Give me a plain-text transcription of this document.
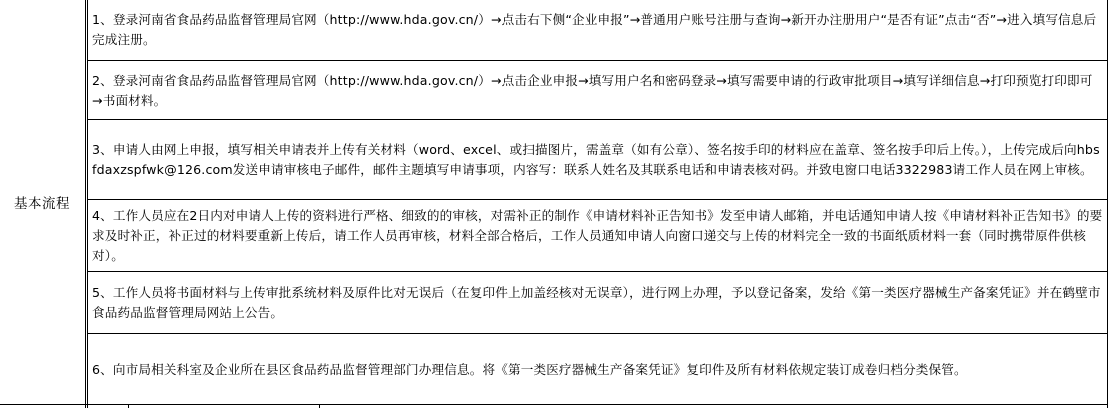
基本流程
1、登录河南省食品药品监督管理局官网（http://www.hda.gov.cn/）→点击右下侧“企业申报”→普通用户账号注册与查询→新开办注册用户“是否有证”点击“否”→进入填写信息后完成注册。
2、登录河南省食品药品监督管理局官网（http://www.hda.gov.cn/）→点击企业申报→填写用户名和密码登录→填写需要申请的行政审批项目→填写详细信息→打印预览打印即可→书面材料。
3、申请人由网上申报，填写相关申请表并上传有关材料（word、excel、或扫描图片，需盖章（如有公章）、签名按手印的材料应在盖章、签名按手印后上传。），上传完成后向hbsfdaxzspfwk@126.com发送申请审核电子邮件，邮件主题填写申请事项，内容写：联系人姓名及其联系电话和申请表核对码。并致电窗口电话3322983请工作人员在网上审核。
4、工作人员应在2日内对申请人上传的资料进行严格、细致的的审核，对需补正的制作《申请材料补正告知书》发至申请人邮箱，并电话通知申请人按《申请材料补正告知书》的要求及时补正，补正过的材料要重新上传后，请工作人员再审核，材料全部合格后，工作人员通知申请人向窗口递交与上传的材料完全一致的书面纸质材料一套（同时携带原件供核对）。
5、工作人员将书面材料与上传审批系统材料及原件比对无误后（在复印件上加盖经核对无误章），进行网上办理，予以登记备案，发给《第一类医疗器械生产备案凭证》并在鹤壁市食品药品监督管理局网站上公告。
6、向市局相关科室及企业所在县区食品药品监督管理部门办理信息。将《第一类医疗器械生产备案凭证》复印件及所有材料依规定装订成卷归档分类保管。
